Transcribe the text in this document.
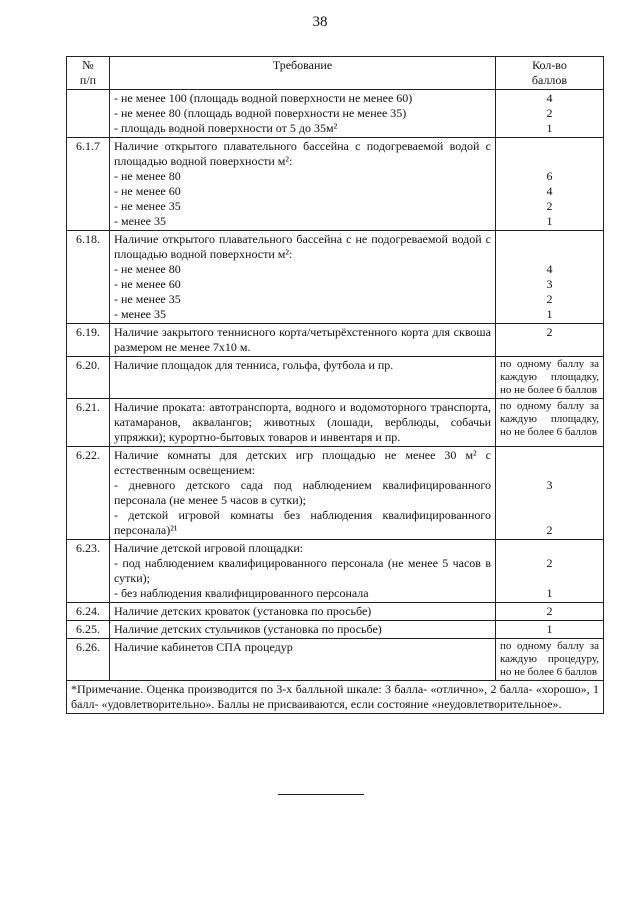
38
№
п/п	Требование	Кол-во
баллов

	- не менее 100 (площадь водной поверхности не менее 60)
- не менее 80 (площадь водной поверхности не менее 35)
- площадь водной поверхности от 5 до 35м²	4
2
1

6.1.7	Наличие открытого плавательного бассейна с подогреваемой водой с площадью водной поверхности м²:
- не менее 80
- не менее 60
- не менее 35
- менее 35	6
4
2
1

6.18.	Наличие открытого плавательного бассейна с не подогреваемой водой с площадью водной поверхности м²:
- не менее 80
- не менее 60
- не менее 35
- менее 35	4
3
2
1

6.19.	Наличие закрытого теннисного корта/четырёхстенного корта для сквоша размером не менее 7х10 м.	2

6.20.	Наличие площадок для тенниса, гольфа, футбола и пр.	по одному баллу за каждую площадку, но не более 6 баллов

6.21.	Наличие проката: автотранспорта, водного и водомоторного транспорта, катамаранов, аквалангов; животных (лошади, верблюды, собачьи упряжки); курортно-бытовых товаров и инвентаря и пр.	по одному баллу за каждую площадку, но не более 6 баллов

6.22.	Наличие комнаты для детских игр площадью не менее 30 м² с естественным освещением:
- дневного детского сада под наблюдением квалифицированного персонала (не менее 5 часов в сутки);
- детской игровой комнаты без наблюдения квалифицированного персонала)²¹	3
2

6.23.	Наличие детской игровой площадки:
- под наблюдением квалифицированного персонала (не менее 5 часов в сутки);
- без наблюдения квалифицированного персонала	2
1

6.24.	Наличие детских кроваток (установка по просьбе)	2

6.25.	Наличие детских стульчиков (установка по просьбе)	1

6.26.	Наличие кабинетов СПА процедур	по одному баллу за каждую процедуру, но не более 6 баллов

*Примечание. Оценка производится по 3-х балльной шкале: 3 балла- «отлично», 2 балла- «хорошо», 1 балл- «удовлетворительно». Баллы не присваиваются, если состояние «неудовлетворительное».		
